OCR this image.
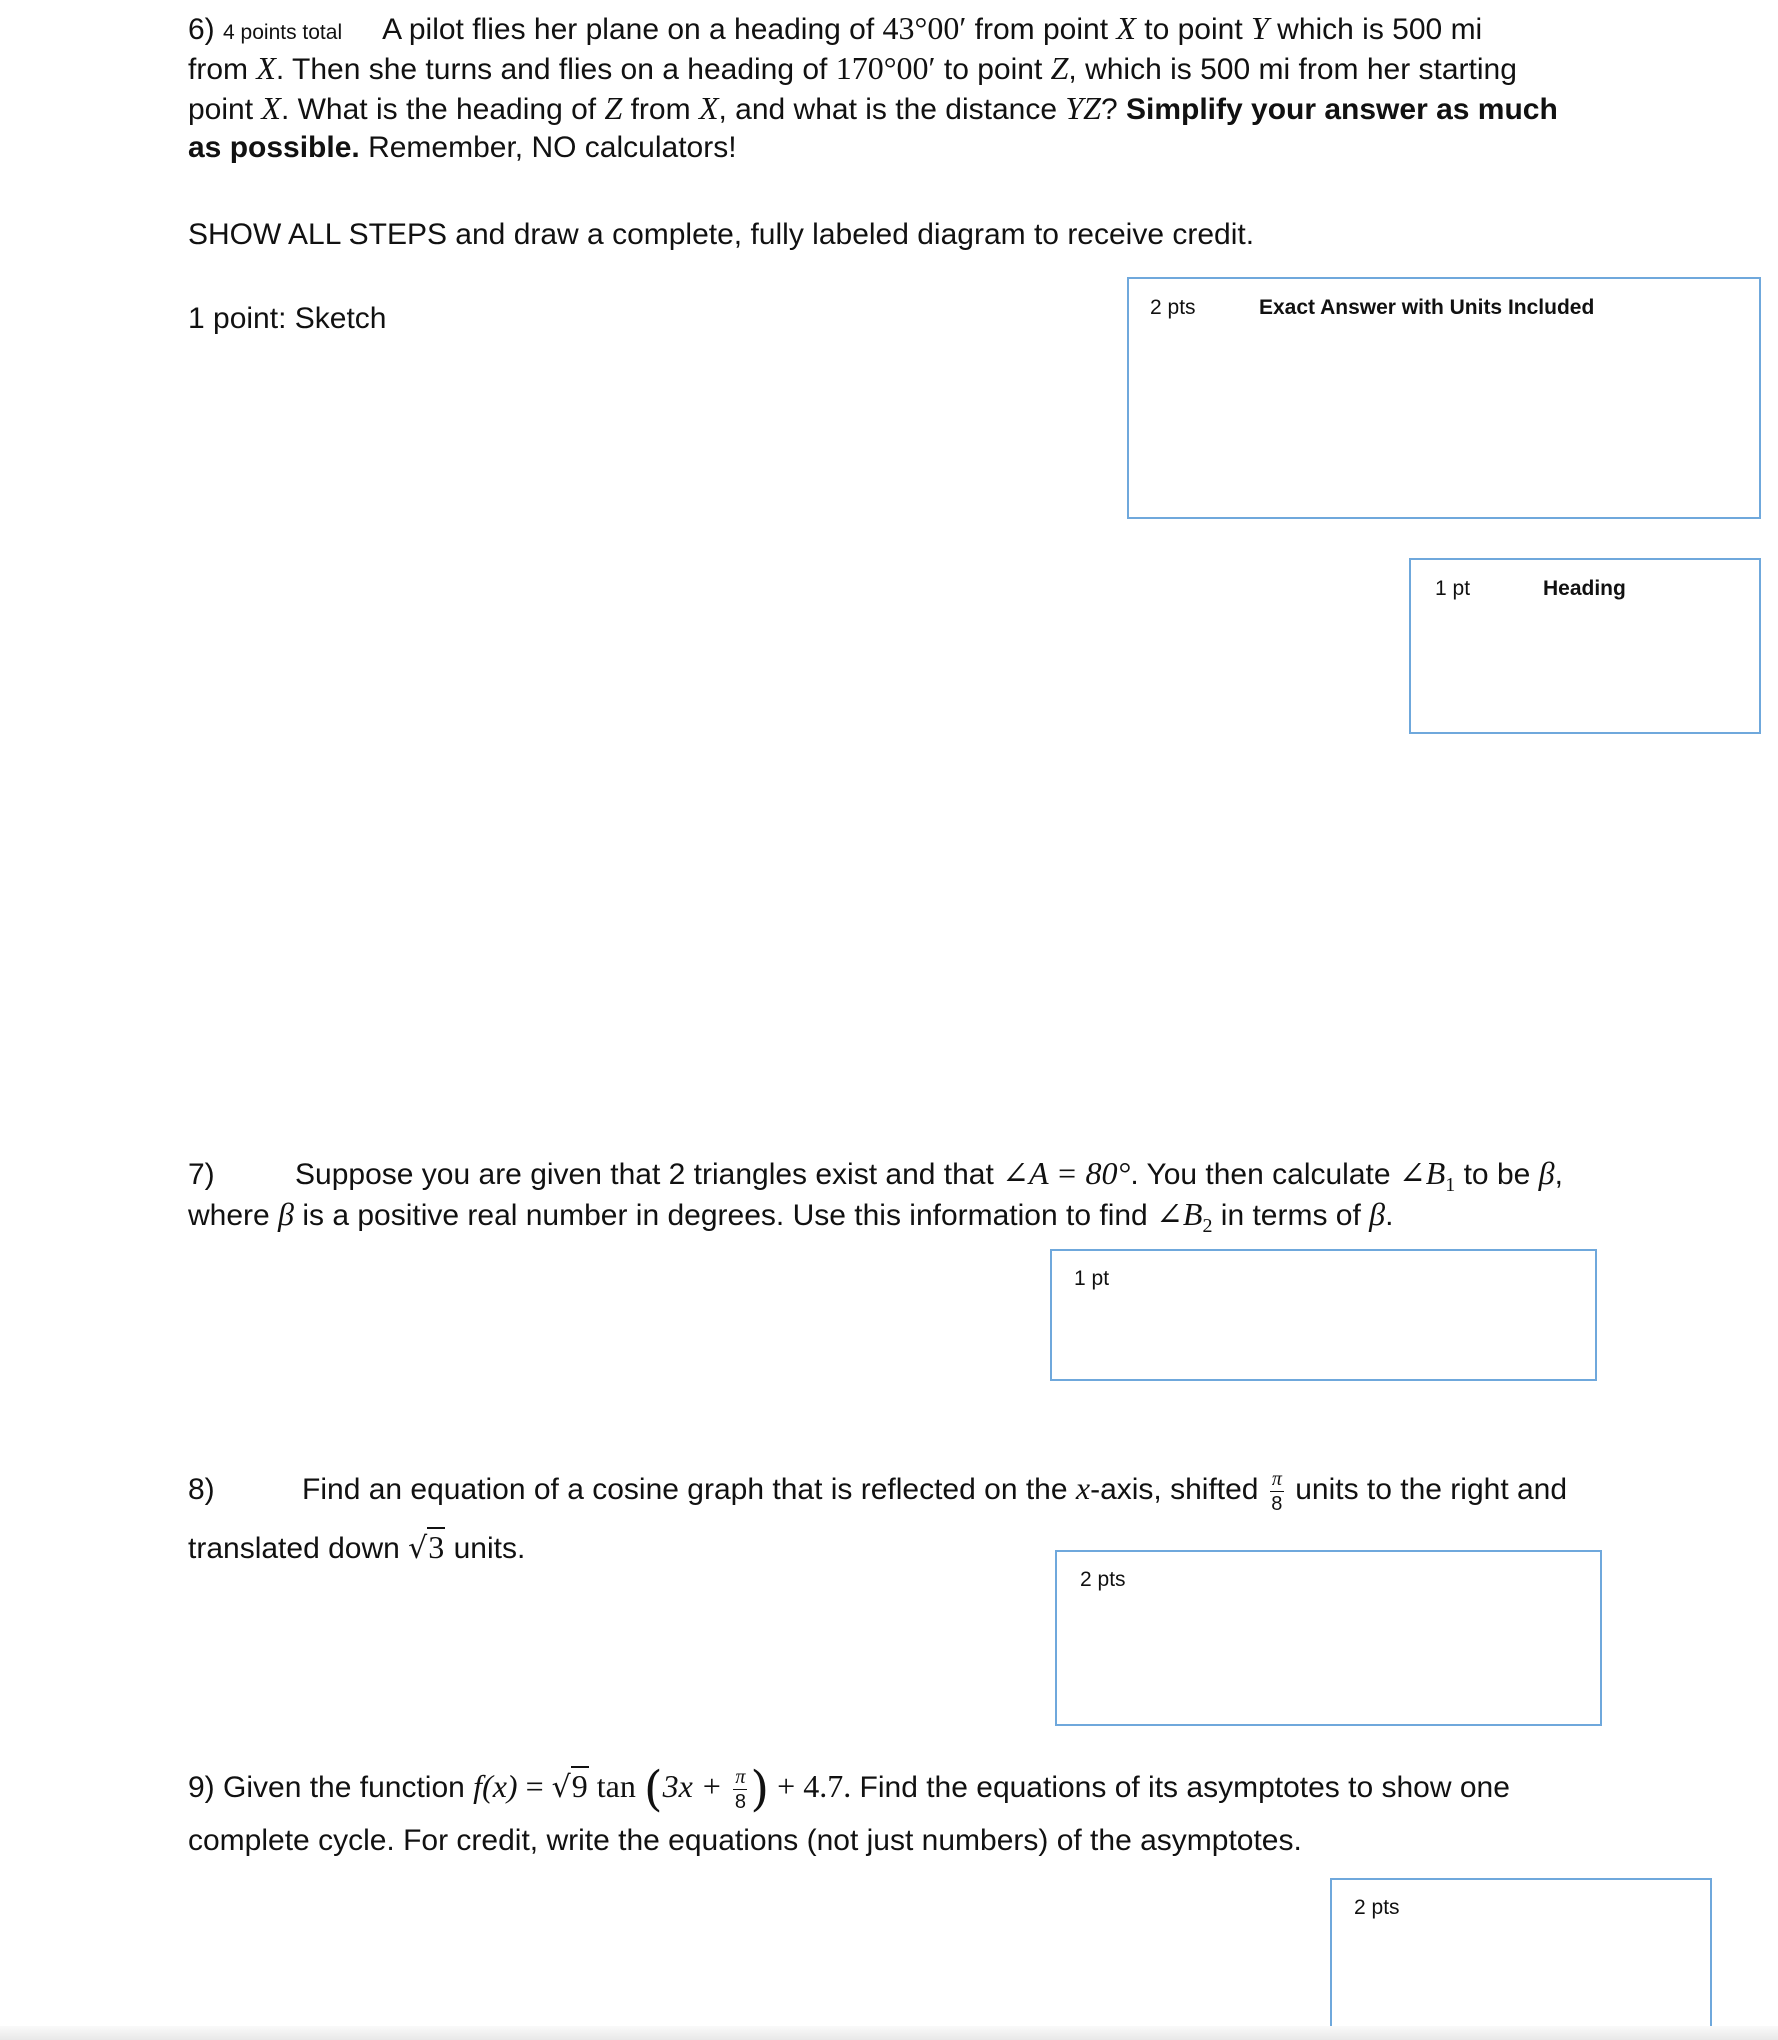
6) 4 points total A pilot flies her plane on a heading of 43°00′ from point X to point Y which is 500 mi
from X. Then she turns and flies on a heading of 170°00′ to point Z, which is 500 mi from her starting
point X. What is the heading of Z from X, and what is the distance YZ? Simplify your answer as much
as possible. Remember, NO calculators!
SHOW ALL STEPS and draw a complete, fully labeled diagram to receive credit.
1 point: Sketch	2 pts	Exact Answer with Units Included
1 pt	Heading
7)	Suppose you are given that 2 triangles exist and that ∠A = 80°. You then calculate $\angle B_1$ to be β,
where β is a positive real number in degrees. Use this information to find $\angle B_2$ in terms of β.
1 pt
8)	Find an equation of a cosine graph that is reflected on the x-axis, shifted $\frac{\pi}{8}$ units to the right and
translated down √3 units.
2 pts
9) Given the function f(x) = √9 $\tan (3x + \frac{\pi}{8}$ ) + 4.7. Find the equations of its asymptotes to show one
complete cycle. For credit, write the equations (not just numbers) of the asymptotes.
2 pts
